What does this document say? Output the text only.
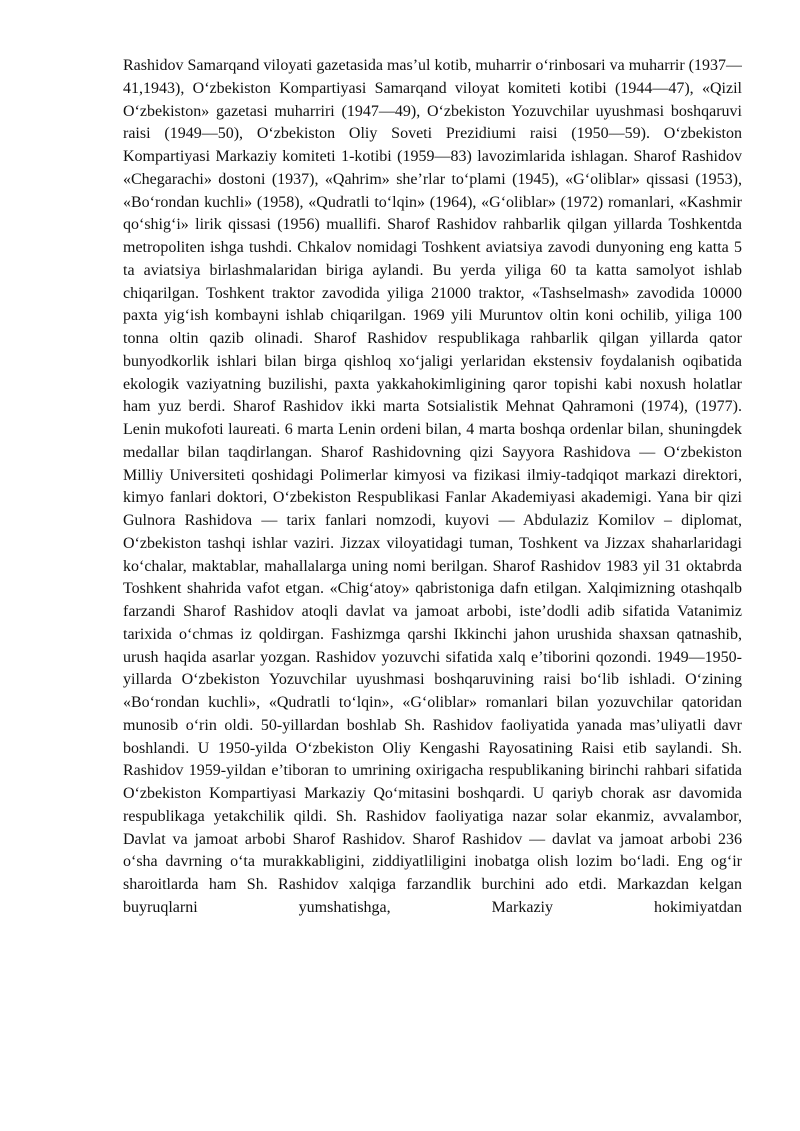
Rashidov Samarqand viloyati gazetasida mas’ul kotib, muharrir o‘rinbosari va muharrir (1937—41,1943), O‘zbekiston Kompartiyasi Samarqand viloyat komiteti kotibi (1944—47), «Qizil O‘zbekiston» gazetasi muharriri (1947—49), O‘zbekiston Yozuvchilar uyushmasi boshqaruvi raisi (1949—50), O‘zbekiston Oliy Soveti Prezidiumi raisi (1950—59). O‘zbekiston Kompartiyasi Markaziy komiteti 1-kotibi (1959—83) lavozimlarida ishlagan. Sharof Rashidov «Chegarachi» dostoni (1937), «Qahrim» she’rlar to‘plami (1945), «G‘oliblar» qissasi (1953), «Bo‘rondan kuchli» (1958), «Qudratli to‘lqin» (1964), «G‘oliblar» (1972) romanlari, «Kashmir qo‘shig‘i» lirik qissasi (1956) muallifi. Sharof Rashidov rahbarlik qilgan yillarda Toshkentda metropoliten ishga tushdi. Chkalov nomidagi Toshkent aviatsiya zavodi dunyoning eng katta 5 ta aviatsiya birlashmalaridan biriga aylandi. Bu yerda yiliga 60 ta katta samolyot ishlab chiqarilgan. Toshkent traktor zavodida yiliga 21000 traktor, «Tashselmash» zavodida 10000 paxta yig‘ish kombayni ishlab chiqarilgan. 1969 yili Muruntov oltin koni ochilib, yiliga 100 tonna oltin qazib olinadi. Sharof Rashidov respublikaga rahbarlik qilgan yillarda qator bunyodkorlik ishlari bilan birga qishloq xo‘jaligi yerlaridan ekstensiv foydalanish oqibatida ekologik vaziyatning buzilishi, paxta yakkahokimligining qaror topishi kabi noxush holatlar ham yuz berdi. Sharof Rashidov ikki marta Sotsialistik Mehnat Qahramoni (1974), (1977). Lenin mukofoti laureati. 6 marta Lenin ordeni bilan, 4 marta boshqa ordenlar bilan, shuningdek medallar bilan taqdirlangan. Sharof Rashidovning qizi Sayyora Rashidova — O‘zbekiston Milliy Universiteti qoshidagi Polimerlar kimyosi va fizikasi ilmiy-tadqiqot markazi direktori, kimyo fanlari doktori, O‘zbekiston Respublikasi Fanlar Akademiyasi akademigi. Yana bir qizi Gulnora Rashidova — tarix fanlari nomzodi, kuyovi — Abdulaziz Komilov – diplomat, O‘zbekiston tashqi ishlar vaziri. Jizzax viloyatidagi tuman, Toshkent va Jizzax shaharlaridagi ko‘chalar, maktablar, mahallalarga uning nomi berilgan. Sharof Rashidov 1983 yil 31 oktabrda Toshkent shahrida vafot etgan. «Chig‘atoy» qabristoniga dafn etilgan. Xalqimizning otashqalb farzandi Sharof Rashidov atoqli davlat va jamoat arbobi, iste’dodli adib sifatida Vatanimiz tarixida o‘chmas iz qoldirgan. Fashizmga qarshi Ikkinchi jahon urushida shaxsan qatnashib, urush haqida asarlar yozgan. Rashidov yozuvchi sifatida xalq e’tiborini qozondi. 1949—1950-yillarda O‘zbekiston Yozuvchilar uyushmasi boshqaruvining raisi bo‘lib ishladi. O‘zining «Bo‘rondan kuchli», «Qudratli to‘lqin», «G‘oliblar» romanlari bilan yozuvchilar qatoridan munosib o‘rin oldi. 50-yillardan boshlab Sh. Rashidov faoliyatida yanada mas’uliyatli davr boshlandi. U 1950-yilda O‘zbekiston Oliy Kengashi Rayosatining Raisi etib saylandi. Sh. Rashidov 1959-yildan e’tiboran to umrining oxirigacha respublikaning birinchi rahbari sifatida O‘zbekiston Kompartiyasi Markaziy Qo‘mitasini boshqardi. U qariyb chorak asr davomida respublikaga yetakchilik qildi. Sh. Rashidov faoliyatiga nazar solar ekanmiz, avvalambor, Davlat va jamoat arbobi Sharof Rashidov. Sharof Rashidov — davlat va jamoat arbobi 236 o‘sha davrning o‘ta murakkabligini, ziddiyatliligini inobatga olish lozim bo‘ladi. Eng og‘ir sharoitlarda ham Sh. Rashidov xalqiga farzandlik burchini ado etdi. Markazdan kelgan buyruqlarni yumshatishga, Markaziy hokimiyatdan
